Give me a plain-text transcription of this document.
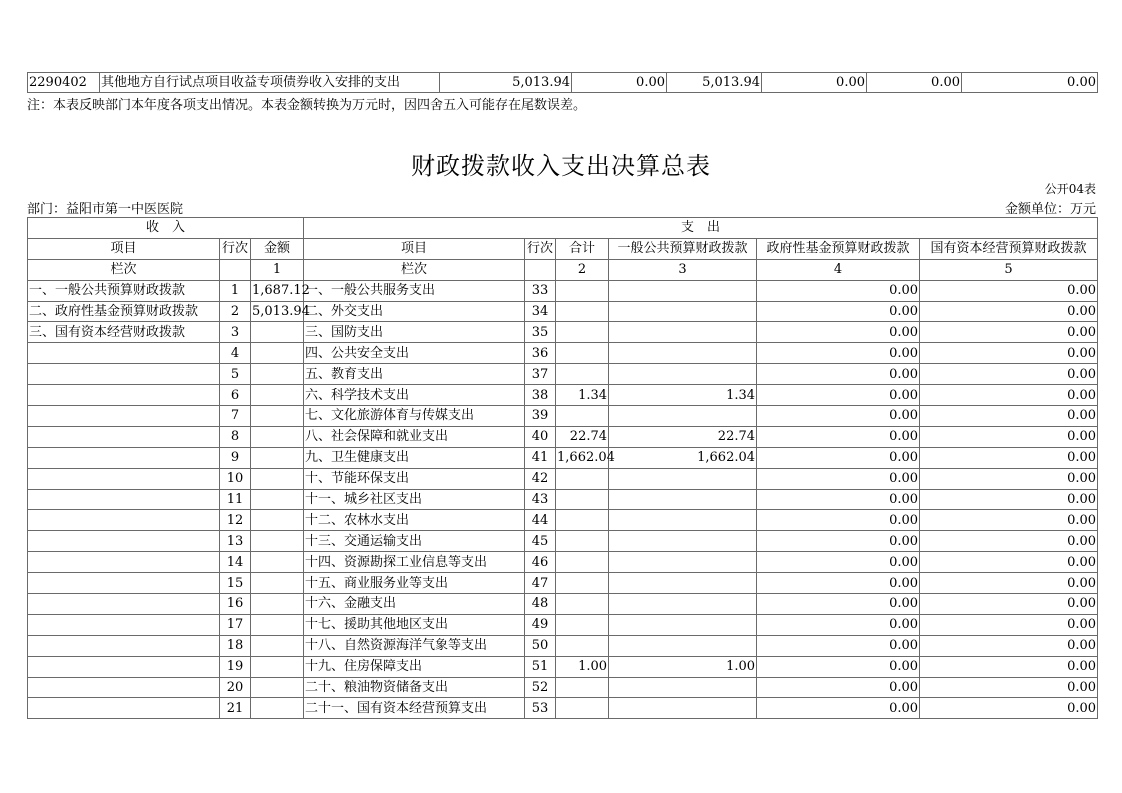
2290402	其他地方自行试点项目收益专项债券收入安排的支出	5,013.94	0.00	5,013.94	0.00	0.00	0.00
注：本表反映部门本年度各项支出情况。本表金额转换为万元时，因四舍五入可能存在尾数误差。
财政拨款收入支出决算总表
公开04表
部门：益阳市第一中医医院	金额单位：万元
收　入			支　出					
项目	行次	金额	项目	行次	合计	一般公共预算财政拨款	政府性基金预算财政拨款	国有资本经营预算财政拨款
栏次		1	栏次		2	3	4	5
一、一般公共预算财政拨款	1	1,687.12	一、一般公共服务支出	33			0.00	0.00
二、政府性基金预算财政拨款	2	5,013.94	二、外交支出	34			0.00	0.00
三、国有资本经营财政拨款	3		三、国防支出	35			0.00	0.00
	4		四、公共安全支出	36			0.00	0.00
	5		五、教育支出	37			0.00	0.00
	6		六、科学技术支出	38	1.34	1.34	0.00	0.00
	7		七、文化旅游体育与传媒支出	39			0.00	0.00
	8		八、社会保障和就业支出	40	22.74	22.74	0.00	0.00
	9		九、卫生健康支出	41	1,662.04	1,662.04	0.00	0.00
	10		十、节能环保支出	42			0.00	0.00
	11		十一、城乡社区支出	43			0.00	0.00
	12		十二、农林水支出	44			0.00	0.00
	13		十三、交通运输支出	45			0.00	0.00
	14		十四、资源勘探工业信息等支出	46			0.00	0.00
	15		十五、商业服务业等支出	47			0.00	0.00
	16		十六、金融支出	48			0.00	0.00
	17		十七、援助其他地区支出	49			0.00	0.00
	18		十八、自然资源海洋气象等支出	50			0.00	0.00
	19		十九、住房保障支出	51	1.00	1.00	0.00	0.00
	20		二十、粮油物资储备支出	52			0.00	0.00
	21		二十一、国有资本经营预算支出	53			0.00	0.00
